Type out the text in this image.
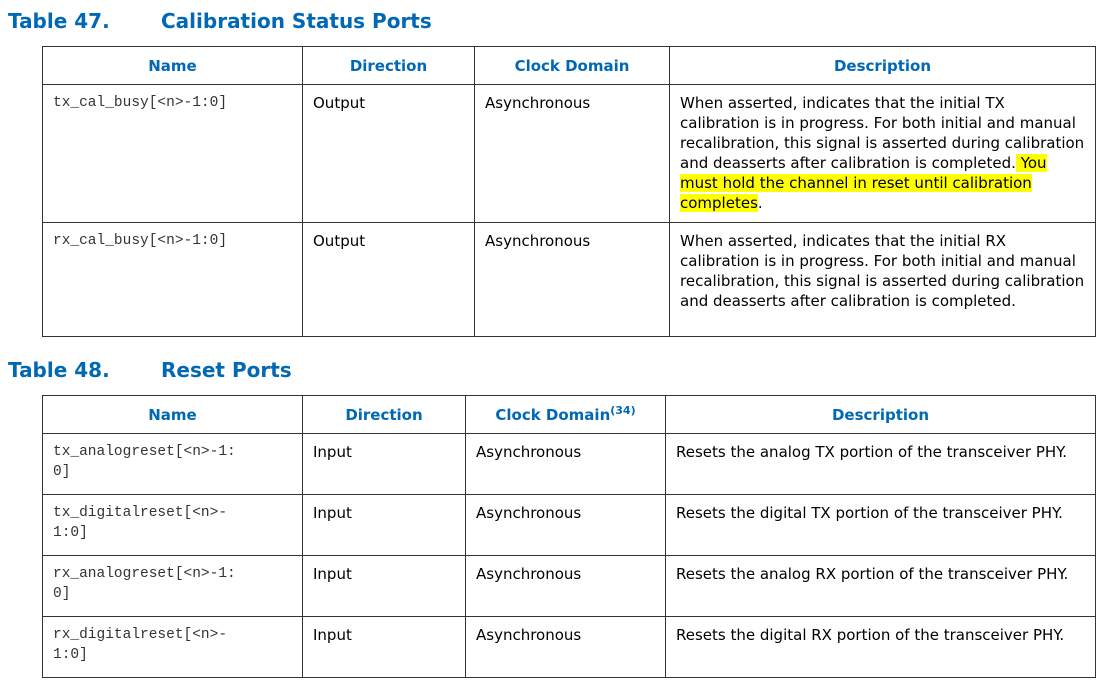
Table 47.	Calibration Status Ports
Name	Direction	Clock Domain	Description
tx_cal_busy[<n>-1:0]	Output	Asynchronous	When asserted, indicates that the initial TX calibration is in progress. For both initial and manual recalibration, this signal is asserted during calibration and deasserts after calibration is completed. You must hold the channel in reset until calibration completes.
rx_cal_busy[<n>-1:0]	Output	Asynchronous	When asserted, indicates that the initial RX calibration is in progress. For both initial and manual recalibration, this signal is asserted during calibration and deasserts after calibration is completed.
Table 48.	Reset Ports
Name	Direction	Clock Domain$^{(34)}$	Description
tx_analogreset[<n>-1:0]	Input	Asynchronous	Resets the analog TX portion of the transceiver PHY.
tx_digitalreset[<n>-1:0]	Input	Asynchronous	Resets the digital TX portion of the transceiver PHY.
rx_analogreset[<n>-1:0]	Input	Asynchronous	Resets the analog RX portion of the transceiver PHY.
rx_digitalreset[<n>-1:0]	Input	Asynchronous	Resets the digital RX portion of the transceiver PHY.
